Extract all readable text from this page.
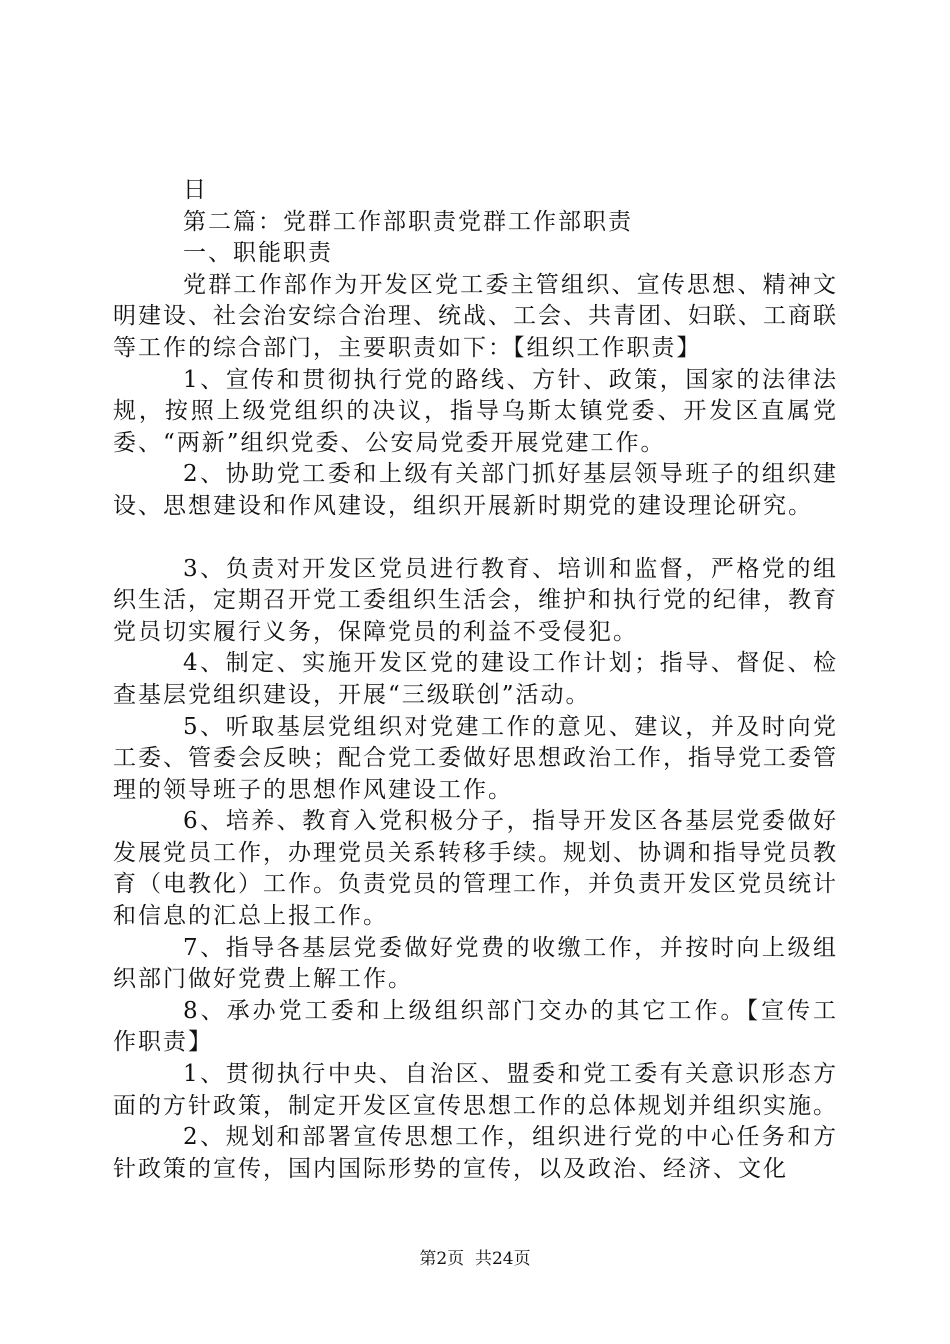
日

第二篇：党群工作部职责党群工作部职责

一、职能职责

党群工作部作为开发区党工委主管组织、宣传思想、精神文明建设、社会治安综合治理、统战、工会、共青团、妇联、工商联等工作的综合部门，主要职责如下：【组织工作职责】

1、宣传和贯彻执行党的路线、方针、政策，国家的法律法规，按照上级党组织的决议，指导乌斯太镇党委、开发区直属党委、“两新”组织党委、公安局党委开展党建工作。

2、协助党工委和上级有关部门抓好基层领导班子的组织建设、思想建设和作风建设，组织开展新时期党的建设理论研究。

3、负责对开发区党员进行教育、培训和监督，严格党的组织生活，定期召开党工委组织生活会，维护和执行党的纪律，教育党员切实履行义务，保障党员的利益不受侵犯。

4、制定、实施开发区党的建设工作计划；指导、督促、检查基层党组织建设，开展“三级联创”活动。

5、听取基层党组织对党建工作的意见、建议，并及时向党工委、管委会反映；配合党工委做好思想政治工作，指导党工委管理的领导班子的思想作风建设工作。

6、培养、教育入党积极分子，指导开发区各基层党委做好发展党员工作，办理党员关系转移手续。规划、协调和指导党员教育（电教化）工作。负责党员的管理工作，并负责开发区党员统计和信息的汇总上报工作。

7、指导各基层党委做好党费的收缴工作，并按时向上级组织部门做好党费上解工作。

8、承办党工委和上级组织部门交办的其它工作。【宣传工作职责】

1、贯彻执行中央、自治区、盟委和党工委有关意识形态方面的方针政策，制定开发区宣传思想工作的总体规划并组织实施。

2、规划和部署宣传思想工作，组织进行党的中心任务和方针政策的宣传，国内国际形势的宣传，以及政治、经济、文化

第2页  共24页
